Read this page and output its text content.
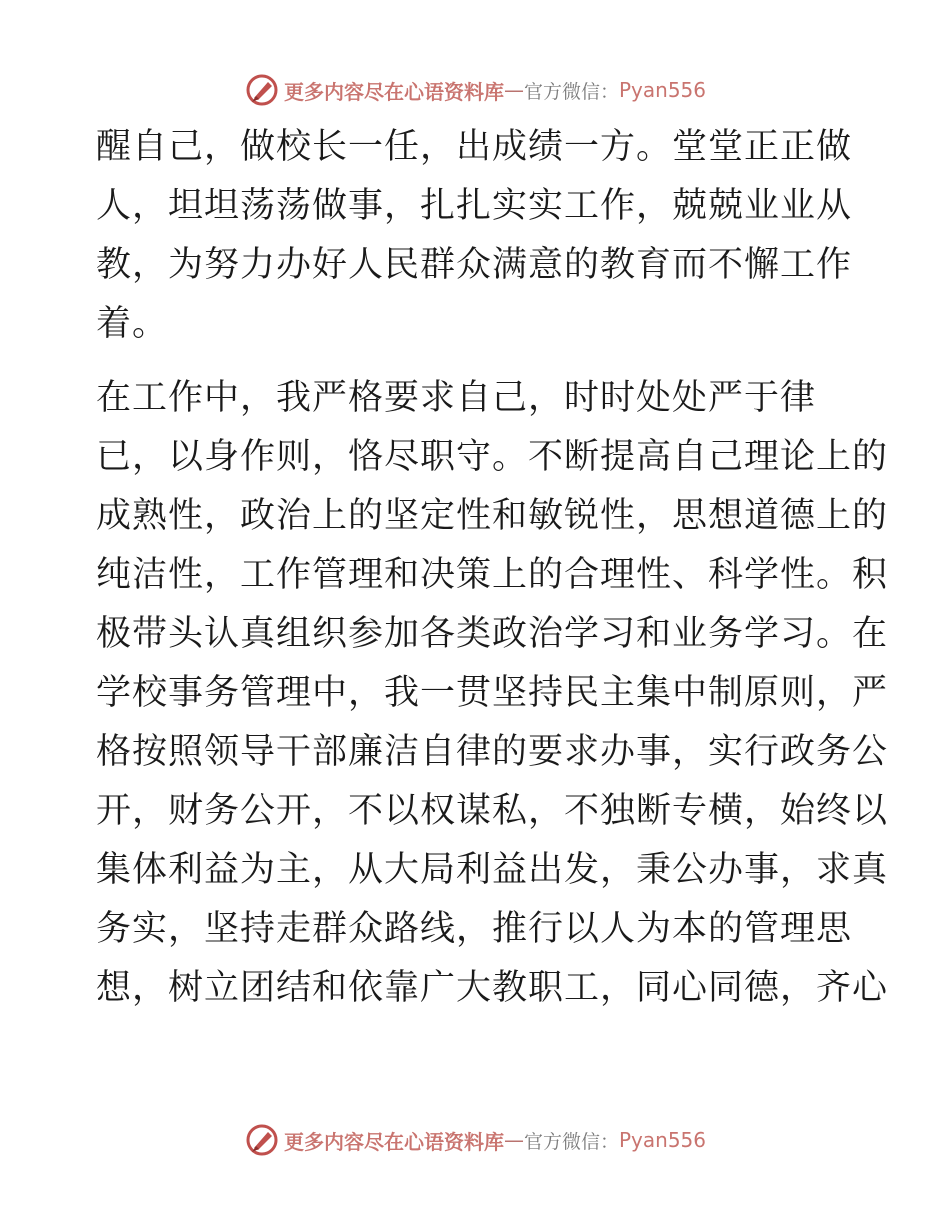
更多内容尽在心语资料库 — 官方微信： Pyan556
醒自己，做校长一任，出成绩一方。堂堂正正做
人，坦坦荡荡做事，扎扎实实工作，兢兢业业从
教，为努力办好人民群众满意的教育而不懈工作
着。
在工作中，我严格要求自己，时时处处严于律
已，以身作则，恪尽职守。不断提高自己理论上的
成熟性，政治上的坚定性和敏锐性，思想道德上的
纯洁性，工作管理和决策上的合理性、科学性。积
极带头认真组织参加各类政治学习和业务学习。在
学校事务管理中，我一贯坚持民主集中制原则，严
格按照领导干部廉洁自律的要求办事，实行政务公
开，财务公开，不以权谋私，不独断专横，始终以
集体利益为主，从大局利益出发，秉公办事，求真
务实，坚持走群众路线，推行以人为本的管理思
想，树立团结和依靠广大教职工，同心同德，齐心
更多内容尽在心语资料库 — 官方微信： Pyan556
